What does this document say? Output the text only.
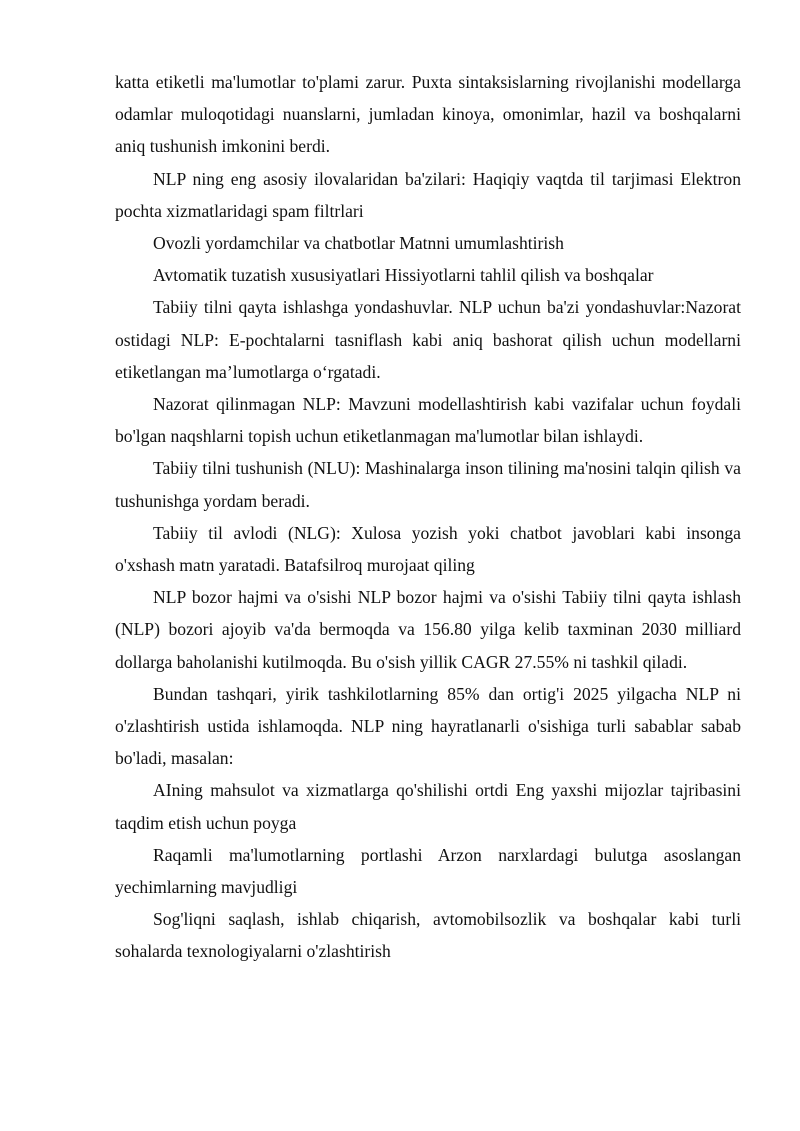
katta etiketli ma'lumotlar to'plami zarur. Puxta sintaksislarning rivojlanishi modellarga odamlar muloqotidagi nuanslarni, jumladan kinoya, omonimlar, hazil va boshqalarni aniq tushunish imkonini berdi.

NLP ning eng asosiy ilovalaridan ba'zilari: Haqiqiy vaqtda til tarjimasi Elektron pochta xizmatlaridagi spam filtrlari

Ovozli yordamchilar va chatbotlar Matnni umumlashtirish

Avtomatik tuzatish xususiyatlari Hissiyotlarni tahlil qilish va boshqalar

Tabiiy tilni qayta ishlashga yondashuvlar. NLP uchun ba'zi yondashuvlar:Nazorat ostidagi NLP: E-pochtalarni tasniflash kabi aniq bashorat qilish uchun modellarni etiketlangan ma’lumotlarga o‘rgatadi.

Nazorat qilinmagan NLP: Mavzuni modellashtirish kabi vazifalar uchun foydali bo'lgan naqshlarni topish uchun etiketlanmagan ma'lumotlar bilan ishlaydi.

Tabiiy tilni tushunish (NLU): Mashinalarga inson tilining ma'nosini talqin qilish va tushunishga yordam beradi.

Tabiiy til avlodi (NLG): Xulosa yozish yoki chatbot javoblari kabi insonga o'xshash matn yaratadi. Batafsilroq murojaat qiling

NLP bozor hajmi va o'sishi NLP bozor hajmi va o'sishi Tabiiy tilni qayta ishlash (NLP) bozori ajoyib va'da bermoqda va 156.80 yilga kelib taxminan 2030 milliard dollarga baholanishi kutilmoqda. Bu o'sish yillik CAGR 27.55% ni tashkil qiladi.

Bundan tashqari, yirik tashkilotlarning 85% dan ortig'i 2025 yilgacha NLP ni o'zlashtirish ustida ishlamoqda. NLP ning hayratlanarli o'sishiga turli sabablar sabab bo'ladi, masalan:

AIning mahsulot va xizmatlarga qo'shilishi ortdi Eng yaxshi mijozlar tajribasini taqdim etish uchun poyga

Raqamli ma'lumotlarning portlashi Arzon narxlardagi bulutga asoslangan yechimlarning mavjudligi

Sog'liqni saqlash, ishlab chiqarish, avtomobilsozlik va boshqalar kabi turli sohalarda texnologiyalarni o'zlashtirish
